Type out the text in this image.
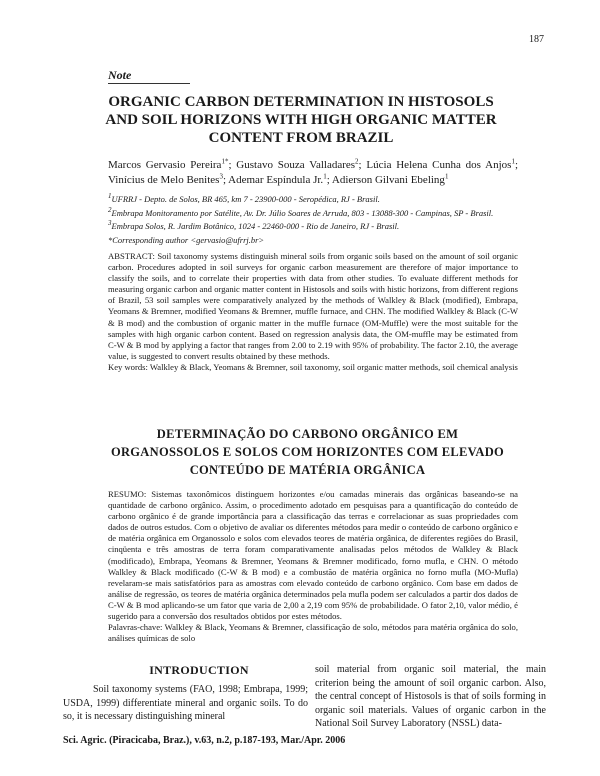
187
Note
ORGANIC CARBON DETERMINATION IN HISTOSOLS AND SOIL HORIZONS WITH HIGH ORGANIC MATTER CONTENT FROM BRAZIL
Marcos Gervasio Pereira$^{1*}$; Gustavo Souza Valladares$^2$; Lúcia Helena Cunha dos Anjos$^1$; Vinícius de Melo Benites$^3$; Ademar Espíndula Jr.$^1$; Adierson Gilvani Ebeling$^1$

$^1$UFRRJ - Depto. de Solos, BR 465, km 7 - 23900-000 - Seropédica, RJ - Brasil.

$^2$Embrapa Monitoramento por Satélite, Av. Dr. Júlio Soares de Arruda, 803 - 13088-300 - Campinas, SP - Brasil.

$^3$Embrapa Solos, R. Jardim Botânico, 1024 - 22460-000 - Rio de Janeiro, RJ - Brasil.

*Corresponding author <gervasio@ufrrj.br>

ABSTRACT: Soil taxonomy systems distinguish mineral soils from organic soils based on the amount of soil organic carbon. Procedures adopted in soil surveys for organic carbon measurement are therefore of major importance to classify the soils, and to correlate their properties with data from other studies. To evaluate different methods for measuring organic carbon and organic matter content in Histosols and soils with histic horizons, from different regions of Brazil, 53 soil samples were comparatively analyzed by the methods of Walkley & Black (modified), Embrapa, Yeomans & Bremner, modified Yeomans & Bremner, muffle furnace, and CHN. The modified Walkley & Black (C-W & B mod) and the combustion of organic matter in the muffle furnace (OM-Muffle) were the most suitable for the samples with high organic carbon content. Based on regression analysis data, the OM-muffle may be estimated from C-W & B mod by applying a factor that ranges from 2.00 to 2.19 with 95% of probability. The factor 2.10, the average value, is suggested to convert results obtained by these methods.

Key words: Walkley & Black, Yeomans & Bremner, soil taxonomy, soil organic matter methods, soil chemical analysis

DETERMINAÇÃO DO CARBONO ORGÂNICO EM ORGANOSSOLOS E SOLOS COM HORIZONTES COM ELEVADO CONTEÚDO DE MATÉRIA ORGÂNICA

RESUMO: Sistemas taxonômicos distinguem horizontes e/ou camadas minerais das orgânicas baseando-se na quantidade de carbono orgânico. Assim, o procedimento adotado em pesquisas para a quantificação do conteúdo de carbono orgânico é de grande importância para a classificação das terras e correlacionar as suas propriedades com dados de outros estudos. Com o objetivo de avaliar os diferentes métodos para medir o conteúdo de carbono orgânico e de matéria orgânica em Organossolo e solos com elevados teores de matéria orgânica, de diferentes regiões do Brasil, cinqüenta e três amostras de terra foram comparativamente analisadas pelos métodos de Walkley & Black (modificado), Embrapa, Yeomans & Bremner, Yeomans & Bremner modificado, forno mufla, e CHN. O método Walkley & Black modificado (C-W & B mod) e a combustão de matéria orgânica no forno mufla (MO-Mufla) revelaram-se mais satisfatórios para as amostras com elevado conteúdo de carbono orgânico. Com base em dados de análise de regressão, os teores de matéria orgânica determinados pela mufla podem ser calculados a partir dos dados de C-W & B mod aplicando-se um fator que varia de 2,00 a 2,19 com 95% de probabilidade. O fator 2,10, valor médio, é sugerido para a conversão dos resultados obtidos por estes métodos.

Palavras-chave: Walkley & Black, Yeomans & Bremner, classificação de solo, métodos para matéria orgânica do solo, análises químicas de solo

INTRODUCTION
Soil taxonomy systems (FAO, 1998; Embrapa, 1999; USDA, 1999) differentiate mineral and organic soils. To do so, it is necessary distinguishing mineral
soil material from organic soil material, the main criterion being the amount of soil organic carbon. Also, the central concept of Histosols is that of soils forming in organic soil materials. Values of organic carbon in the National Soil Survey Laboratory (NSSL) data-
Sci. Agric. (Piracicaba, Braz.), v.63, n.2, p.187-193, Mar./Apr. 2006
